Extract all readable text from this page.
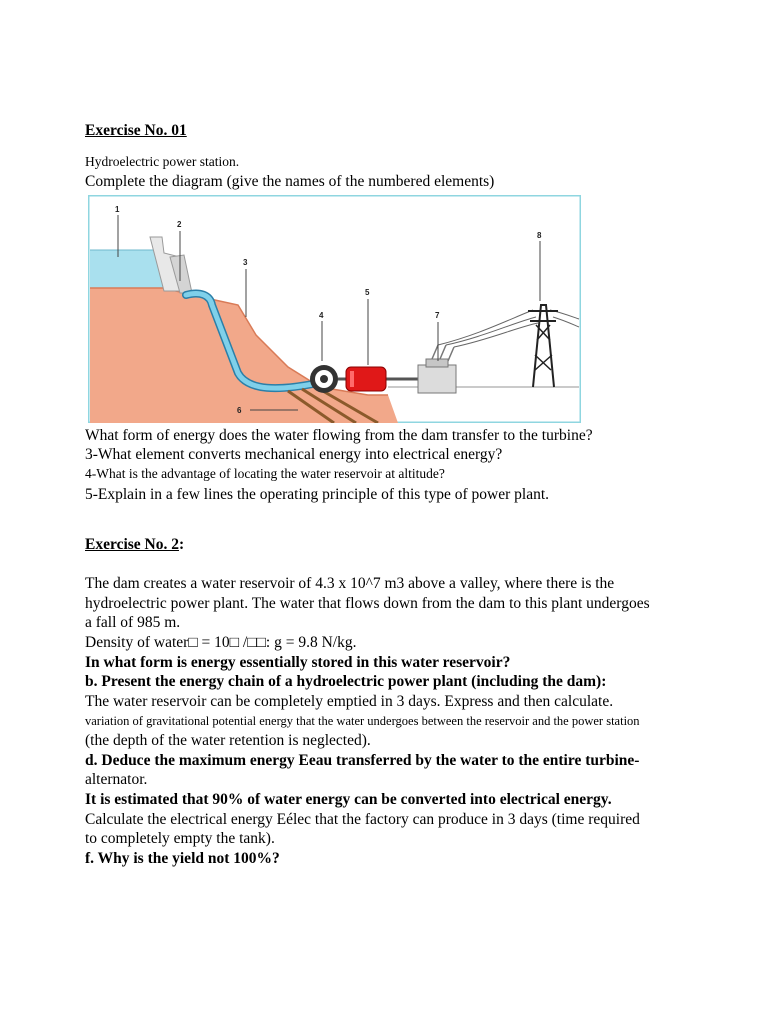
Exercise No. 01
Hydroelectric power station.
Complete the diagram (give the names of the numbered elements)
1
2
3
4
5
6
7
8
What form of energy does the water flowing from the dam transfer to the turbine?
3-What element converts mechanical energy into electrical energy?
4-What is the advantage of locating the water reservoir at altitude?
5-Explain in a few lines the operating principle of this type of power plant.
Exercise No. 2:
The dam creates a water reservoir of 4.3 x 10^7 m3 above a valley, where there is the
hydroelectric power plant. The water that flows down from the dam to this plant undergoes
a fall of 985 m.
Density of water□ = 10□ /□□: g = 9.8 N/kg.
In what form is energy essentially stored in this water reservoir?
b. Present the energy chain of a hydroelectric power plant (including the dam):
The water reservoir can be completely emptied in 3 days. Express and then calculate.
variation of gravitational potential energy that the water undergoes between the reservoir and the power station
(the depth of the water retention is neglected).
d. Deduce the maximum energy Eeau transferred by the water to the entire turbine-
alternator.
It is estimated that 90% of water energy can be converted into electrical energy.
Calculate the electrical energy Eélec that the factory can produce in 3 days (time required
to completely empty the tank).
f. Why is the yield not 100%?
